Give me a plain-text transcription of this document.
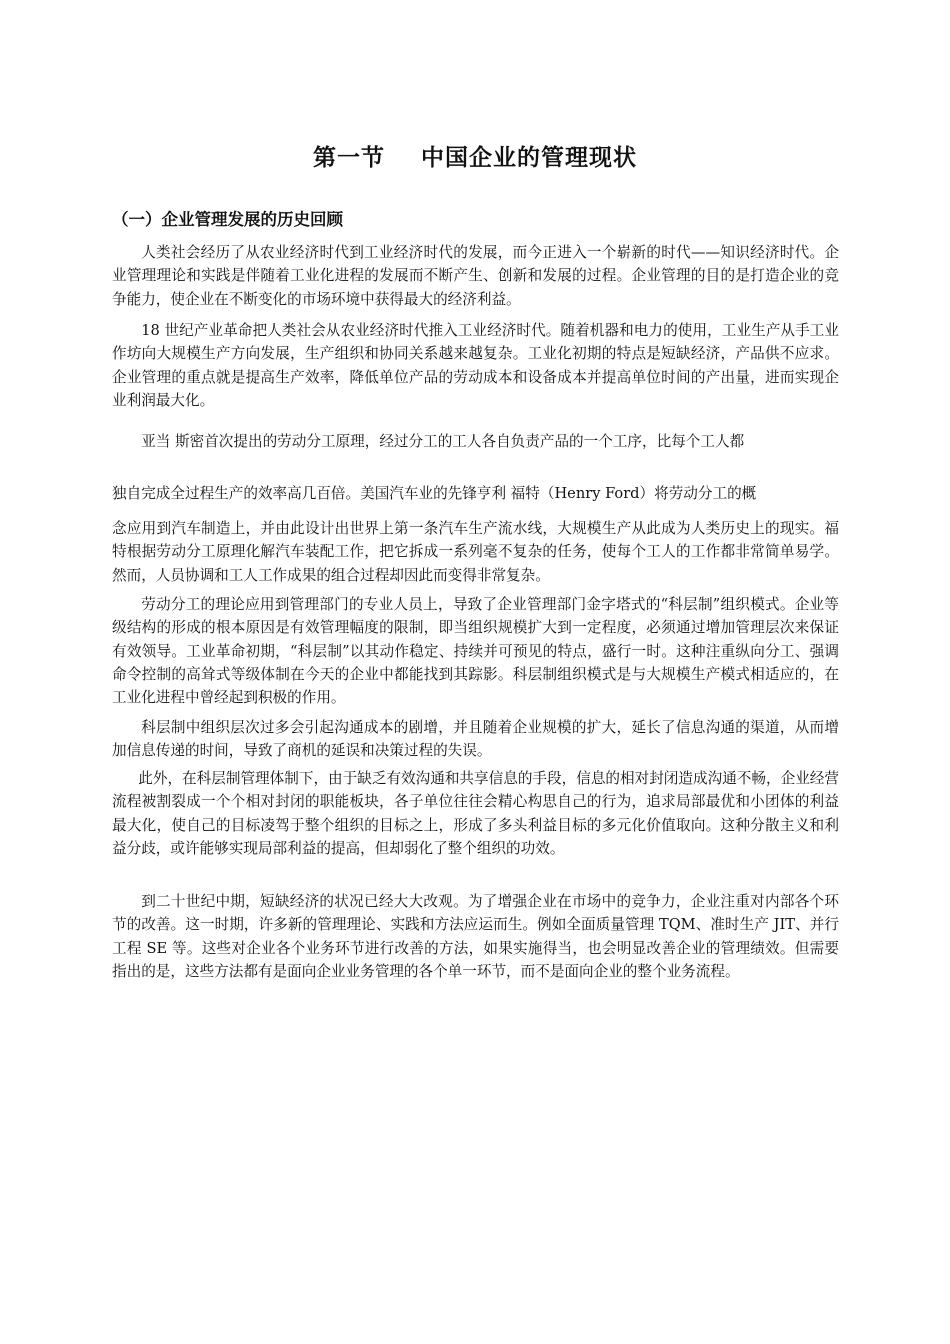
第一节    中国企业的管理现状
（一）企业管理发展的历史回顾

人类社会经历了从农业经济时代到工业经济时代的发展，而今正进入一个崭新的时代——知识经济时代。企业管理理论和实践是伴随着工业化进程的发展而不断产生、创新和发展的过程。企业管理的目的是打造企业的竞争能力，使企业在不断变化的市场环境中获得最大的经济利益。

18 世纪产业革命把人类社会从农业经济时代推入工业经济时代。随着机器和电力的使用，工业生产从手工业作坊向大规模生产方向发展，生产组织和协同关系越来越复杂。工业化初期的特点是短缺经济，产品供不应求。企业管理的重点就是提高生产效率，降低单位产品的劳动成本和设备成本并提高单位时间的产出量，进而实现企业利润最大化。

亚当 斯密首次提出的劳动分工原理，经过分工的工人各自负责产品的一个工序，比每个工人都

独自完成全过程生产的效率高几百倍。美国汽车业的先锋亨利 福特（Henry Ford）将劳动分工的概

念应用到汽车制造上，并由此设计出世界上第一条汽车生产流水线，大规模生产从此成为人类历史上的现实。福特根据劳动分工原理化解汽车装配工作，把它拆成一系列毫不复杂的任务，使每个工人的工作都非常简单易学。然而，人员协调和工人工作成果的组合过程却因此而变得非常复杂。

劳动分工的理论应用到管理部门的专业人员上，导致了企业管理部门金字塔式的“科层制”组织模式。企业等级结构的形成的根本原因是有效管理幅度的限制，即当组织规模扩大到一定程度，必须通过增加管理层次来保证有效领导。工业革命初期，“科层制”以其动作稳定、持续并可预见的特点，盛行一时。这种注重纵向分工、强调命令控制的高耸式等级体制在今天的企业中都能找到其踪影。科层制组织模式是与大规模生产模式相适应的，在工业化进程中曾经起到积极的作用。

科层制中组织层次过多会引起沟通成本的剧增，并且随着企业规模的扩大，延长了信息沟通的渠道，从而增加信息传递的时间，导致了商机的延误和决策过程的失误。

此外，在科层制管理体制下，由于缺乏有效沟通和共享信息的手段，信息的相对封闭造成沟通不畅，企业经营流程被割裂成一个个相对封闭的职能板块，各子单位往往会精心构思自己的行为，追求局部最优和小团体的利益最大化，使自己的目标凌驾于整个组织的目标之上，形成了多头利益目标的多元化价值取向。这种分散主义和利益分歧，或许能够实现局部利益的提高，但却弱化了整个组织的功效。

到二十世纪中期，短缺经济的状况已经大大改观。为了增强企业在市场中的竞争力，企业注重对内部各个环节的改善。这一时期，许多新的管理理论、实践和方法应运而生。例如全面质量管理 TQM、准时生产 JIT、并行工程 SE 等。这些对企业各个业务环节进行改善的方法，如果实施得当，也会明显改善企业的管理绩效。但需要指出的是，这些方法都有是面向企业业务管理的各个单一环节，而不是面向企业的整个业务流程。
